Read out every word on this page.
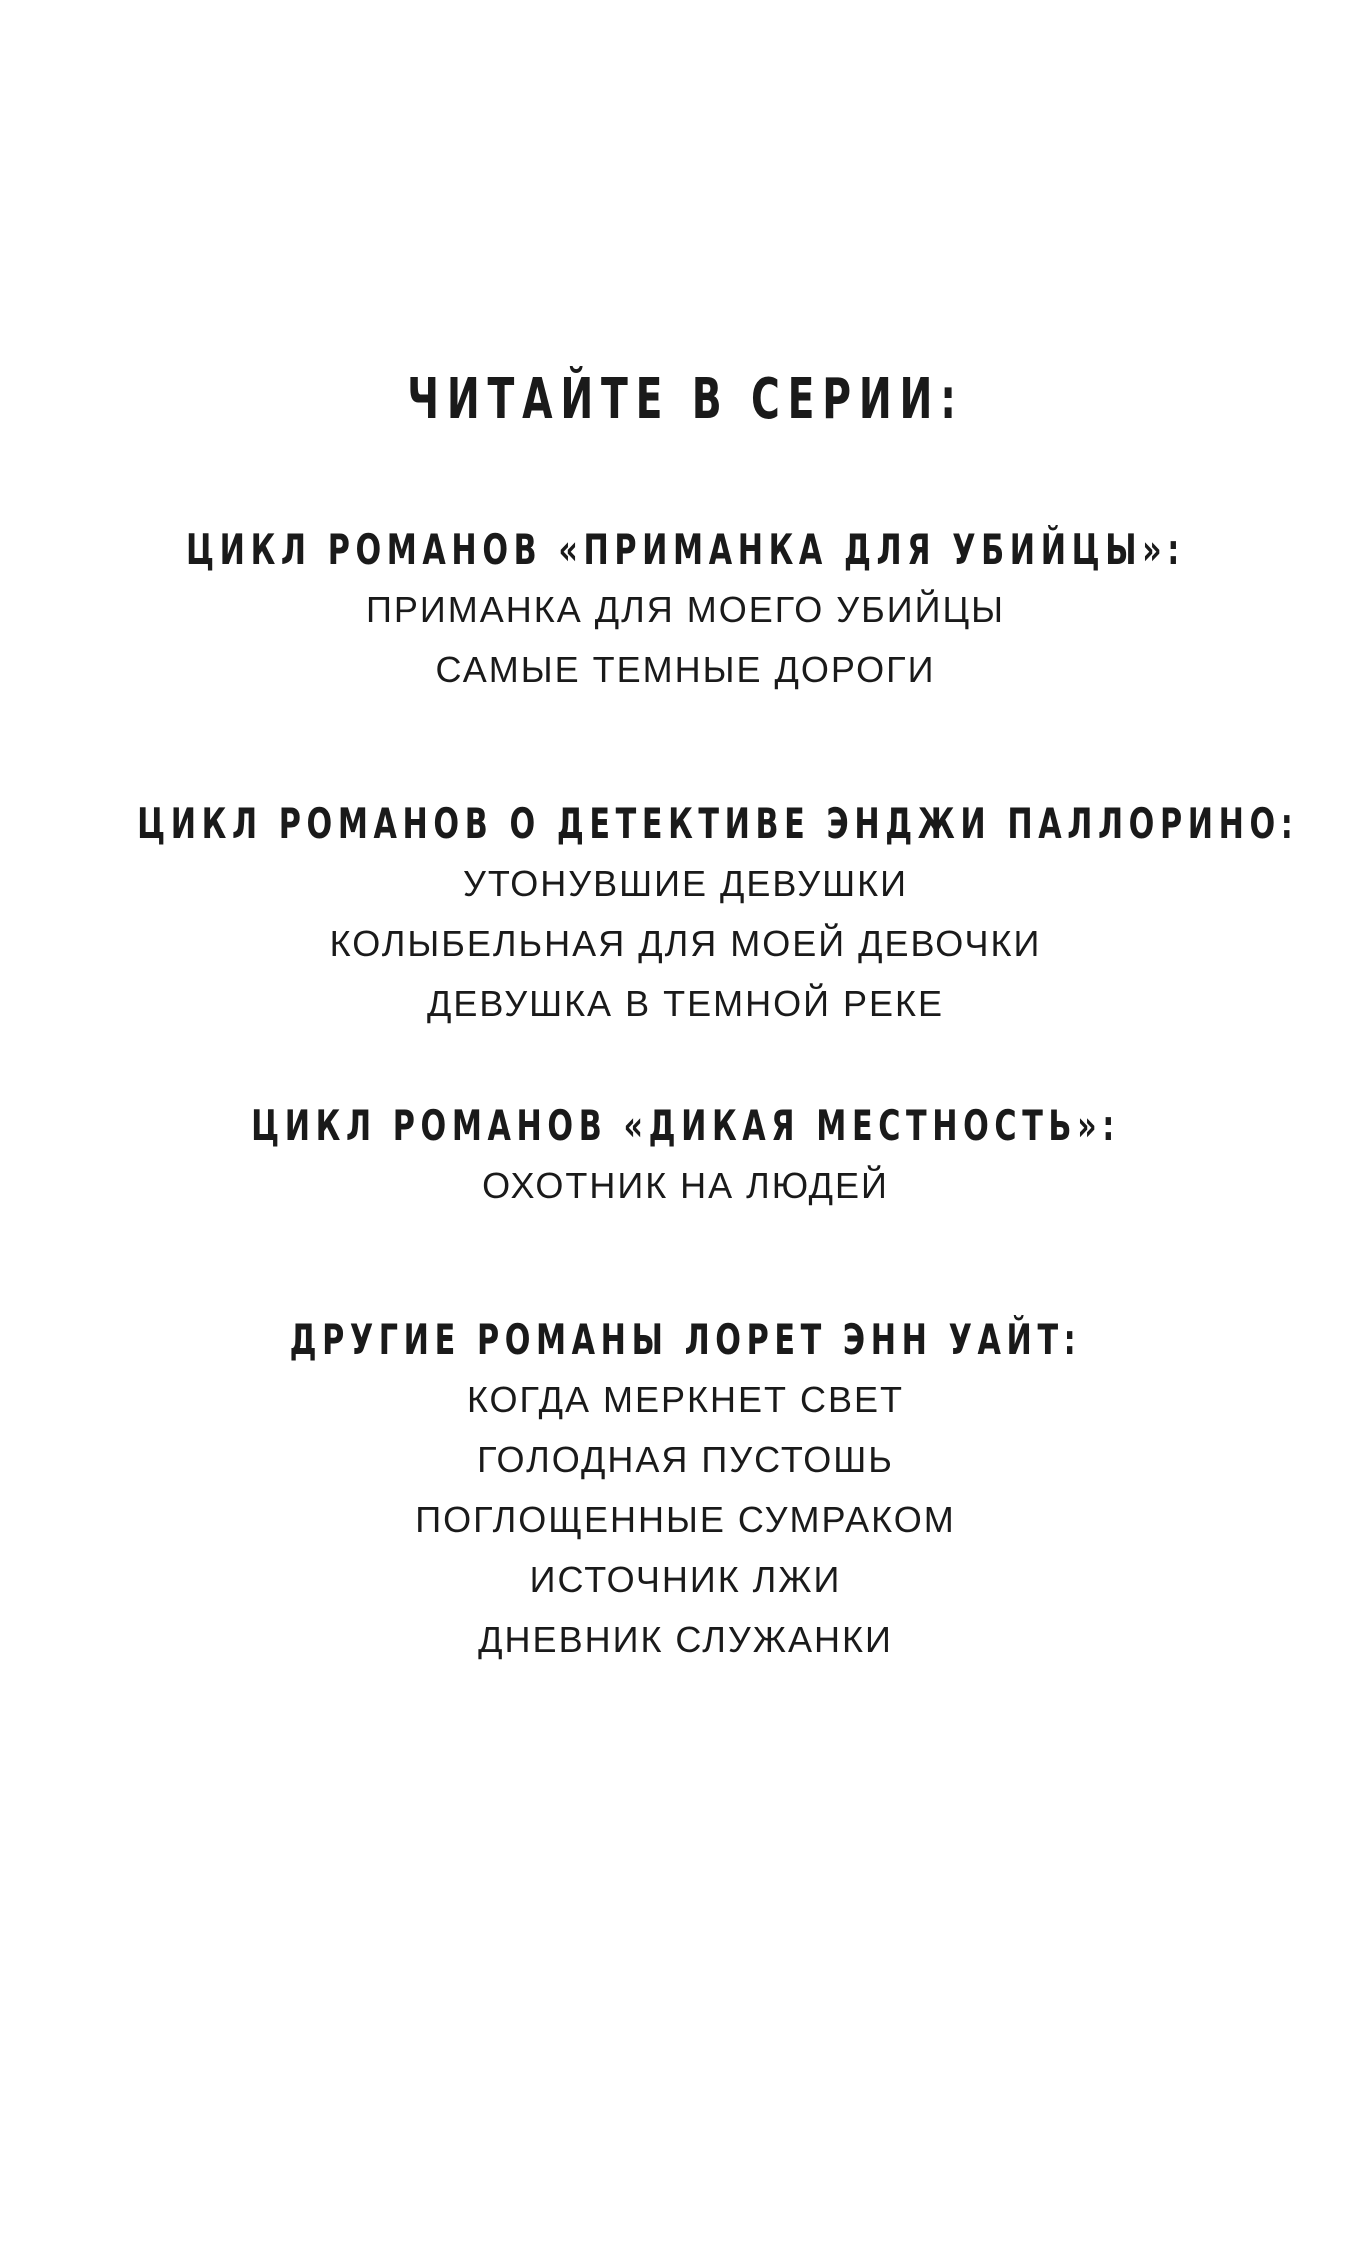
ЧИТАЙТЕ В СЕРИИ:
ЦИКЛ РОМАНОВ «ПРИМАНКА ДЛЯ УБИЙЦЫ»:
ПРИМАНКА ДЛЯ МОЕГО УБИЙЦЫ
САМЫЕ ТЕМНЫЕ ДОРОГИ
ЦИКЛ РОМАНОВ О ДЕТЕКТИВЕ ЭНДЖИ ПАЛЛОРИНО:
УТОНУВШИЕ ДЕВУШКИ
КОЛЫБЕЛЬНАЯ ДЛЯ МОЕЙ ДЕВОЧКИ
ДЕВУШКА В ТЕМНОЙ РЕКЕ
ЦИКЛ РОМАНОВ «ДИКАЯ МЕСТНОСТЬ»:
ОХОТНИК НА ЛЮДЕЙ
ДРУГИЕ РОМАНЫ ЛОРЕТ ЭНН УАЙТ:
КОГДА МЕРКНЕТ СВЕТ
ГОЛОДНАЯ ПУСТОШЬ
ПОГЛОЩЕННЫЕ СУМРАКОМ
ИСТОЧНИК ЛЖИ
ДНЕВНИК СЛУЖАНКИ
